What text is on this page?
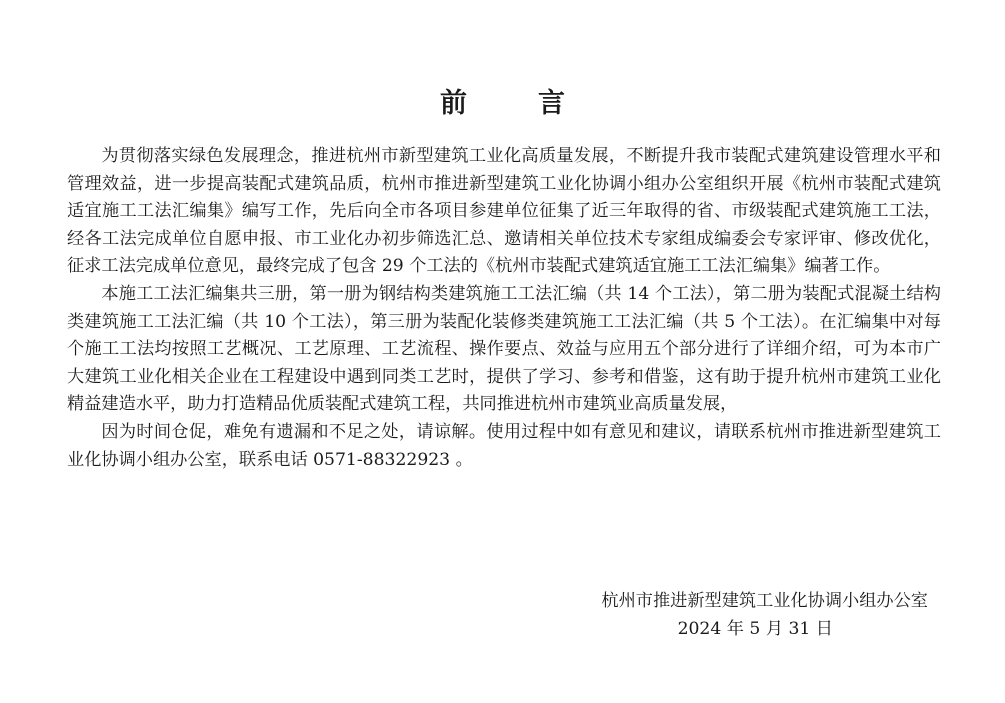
前　言

为贯彻落实绿色发展理念，推进杭州市新型建筑工业化高质量发展，不断提升我市装配式建筑建设管理水平和管理效益，进一步提高装配式建筑品质，杭州市推进新型建筑工业化协调小组办公室组织开展《杭州市装配式建筑适宜施工工法汇编集》编写工作，先后向全市各项目参建单位征集了近三年取得的省、市级装配式建筑施工工法，经各工法完成单位自愿申报、市工业化办初步筛选汇总、邀请相关单位技术专家组成编委会专家评审、修改优化，征求工法完成单位意见，最终完成了包含 29 个工法的《杭州市装配式建筑适宜施工工法汇编集》编著工作。

本施工工法汇编集共三册，第一册为钢结构类建筑施工工法汇编（共 14 个工法），第二册为装配式混凝土结构类建筑施工工法汇编（共 10 个工法），第三册为装配化装修类建筑施工工法汇编（共 5 个工法）。在汇编集中对每个施工工法均按照工艺概况、工艺原理、工艺流程、操作要点、效益与应用五个部分进行了详细介绍，可为本市广大建筑工业化相关企业在工程建设中遇到同类工艺时，提供了学习、参考和借鉴，这有助于提升杭州市建筑工业化精益建造水平，助力打造精品优质装配式建筑工程，共同推进杭州市建筑业高质量发展，

因为时间仓促，难免有遗漏和不足之处，请谅解。使用过程中如有意见和建议，请联系杭州市推进新型建筑工业化协调小组办公室，联系电话 0571-88322923 。

杭州市推进新型建筑工业化协调小组办公室
2024 年 5 月 31 日
